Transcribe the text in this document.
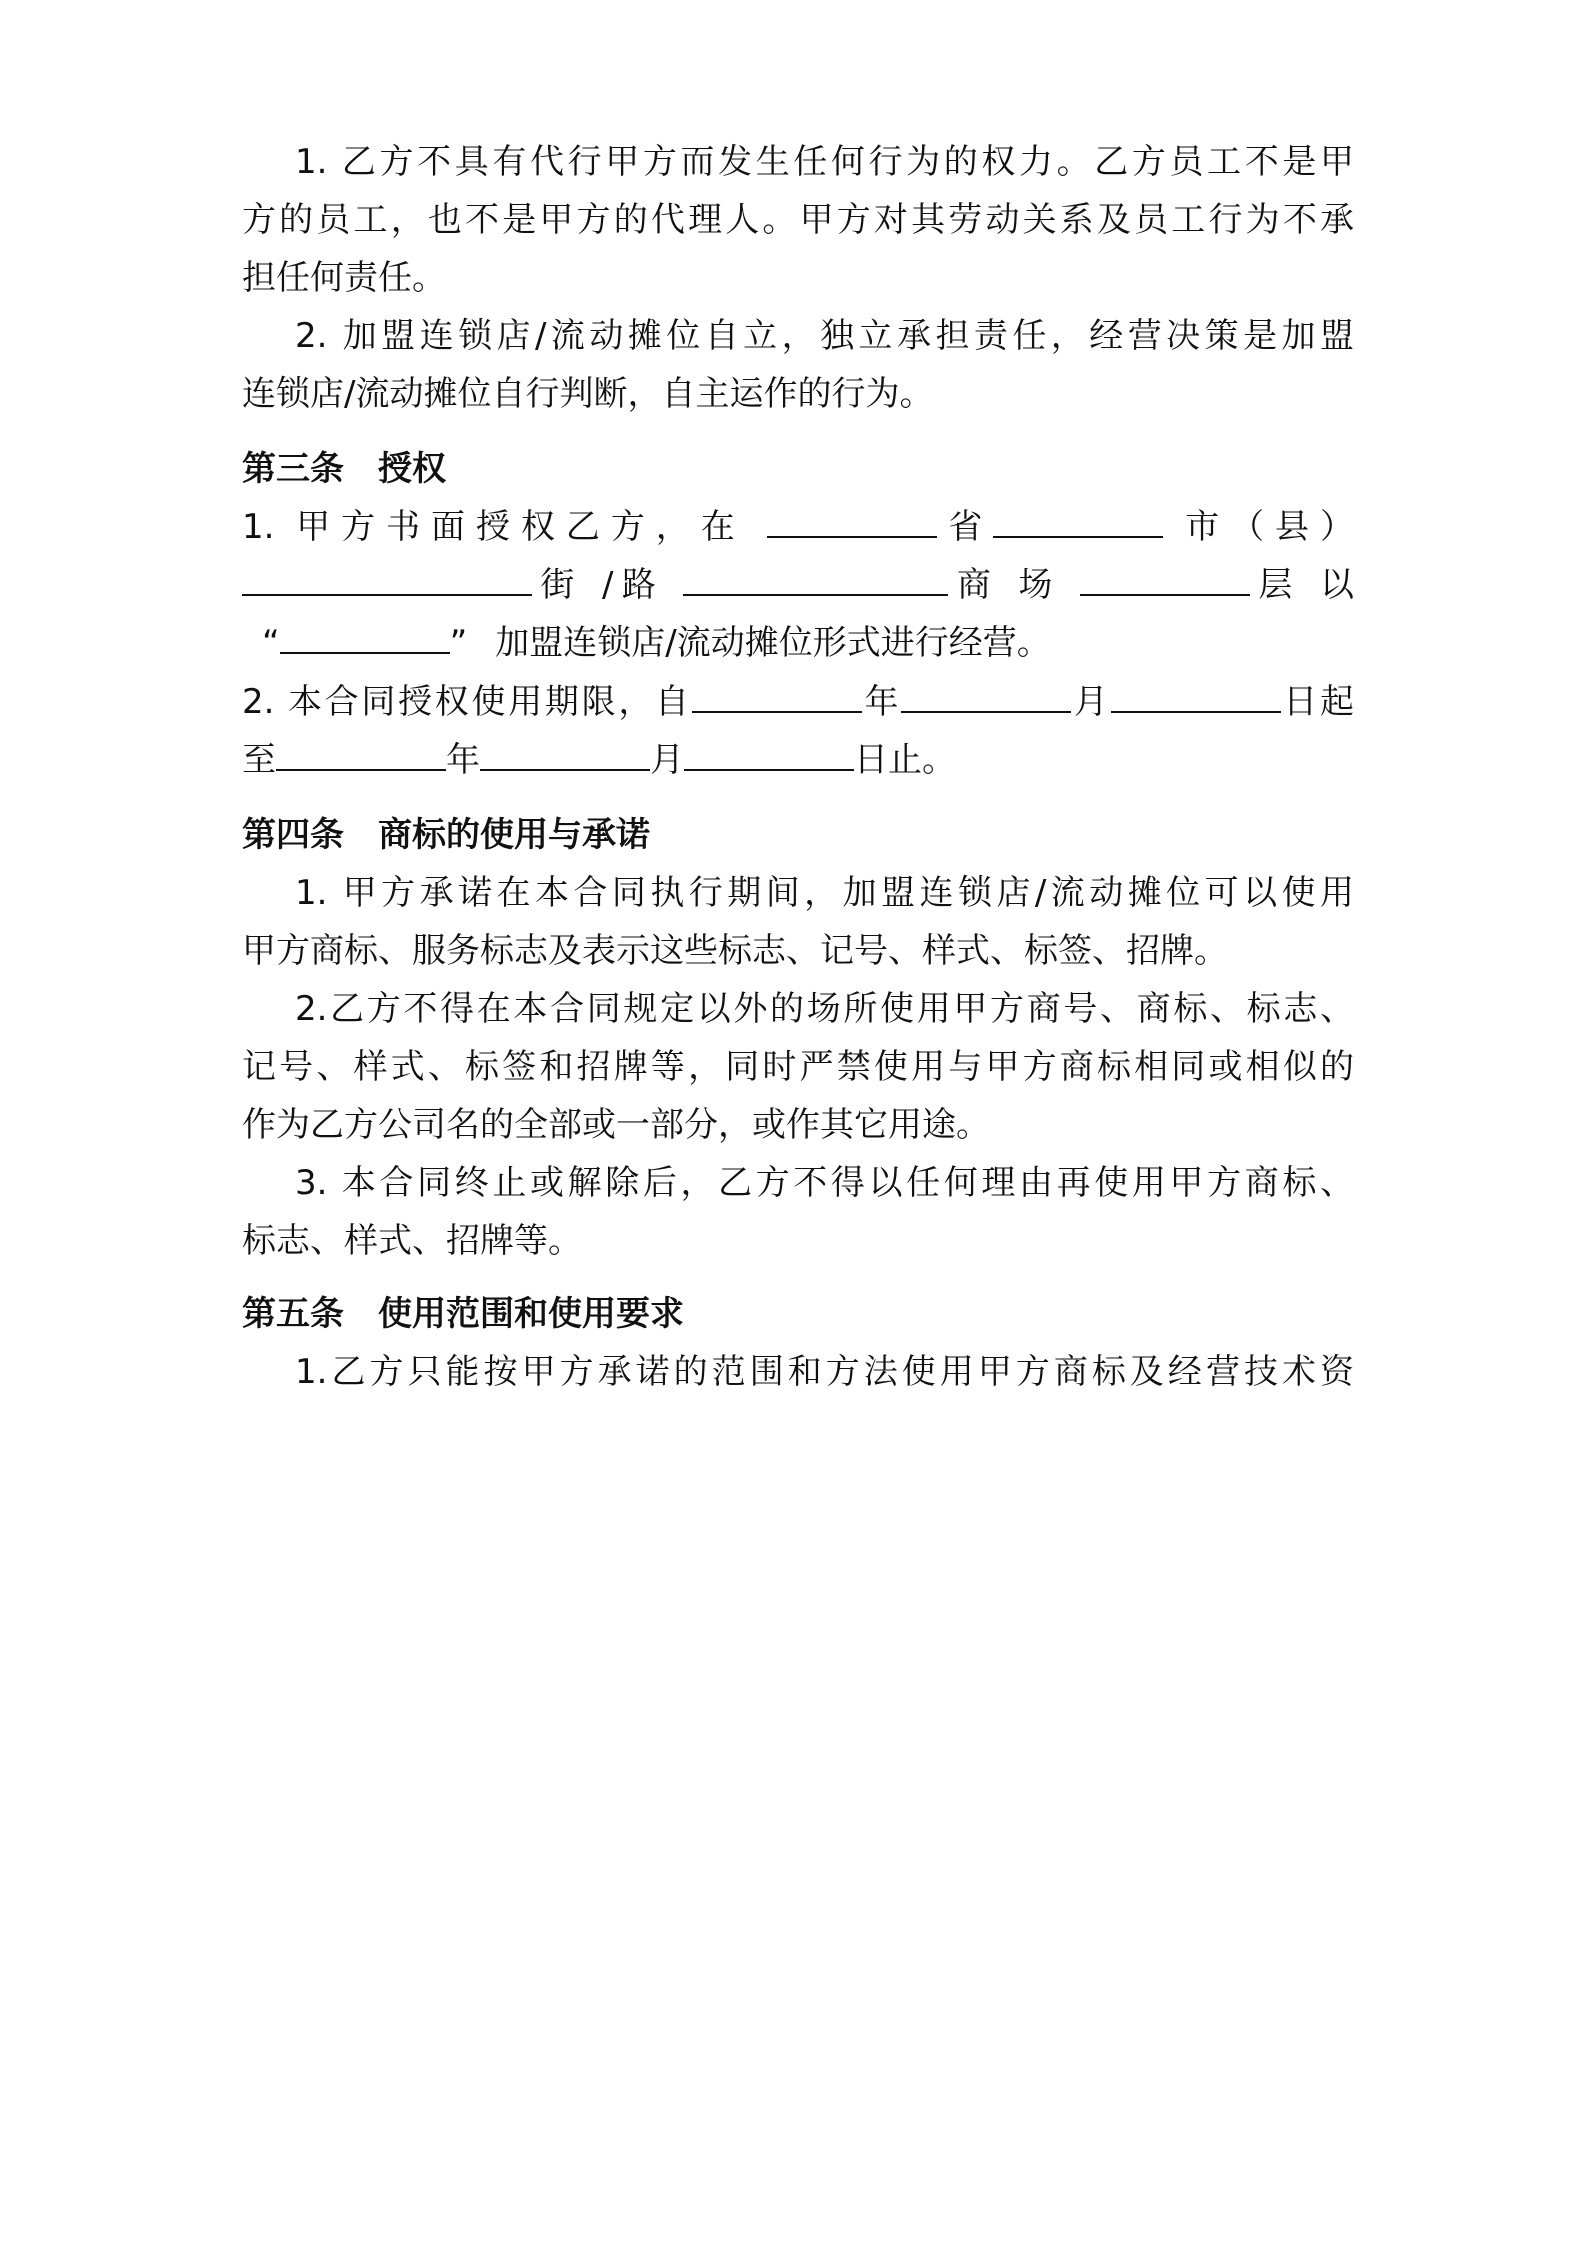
1. 乙方不具有代行甲方而发生任何行为的权力。乙方员工不是甲
方的员工，也不是甲方的代理人。甲方对其劳动关系及员工行为不承
担任何责任。
2. 加盟连锁店/流动摊位自立，独立承担责任，经营决策是加盟
连锁店/流动摊位自行判断，自主运作的行为。
第三条　授权
1. 甲方书面授权乙方，在	省	市（县）
街 /路	商 场	层 以
“	” 加盟连锁店/流动摊位形式进行经营。
2. 本合同授权使用期限，自	年	月	日起
至	年	月	日止。
第四条　商标的使用与承诺
1. 甲方承诺在本合同执行期间，加盟连锁店/流动摊位可以使用
甲方商标、服务标志及表示这些标志、记号、样式、标签、招牌。
2.乙方不得在本合同规定以外的场所使用甲方商号、商标、标志、
记号、样式、标签和招牌等，同时严禁使用与甲方商标相同或相似的
作为乙方公司名的全部或一部分，或作其它用途。
3. 本合同终止或解除后，乙方不得以任何理由再使用甲方商标、
标志、样式、招牌等。
第五条　使用范围和使用要求
1.乙方只能按甲方承诺的范围和方法使用甲方商标及经营技术资
